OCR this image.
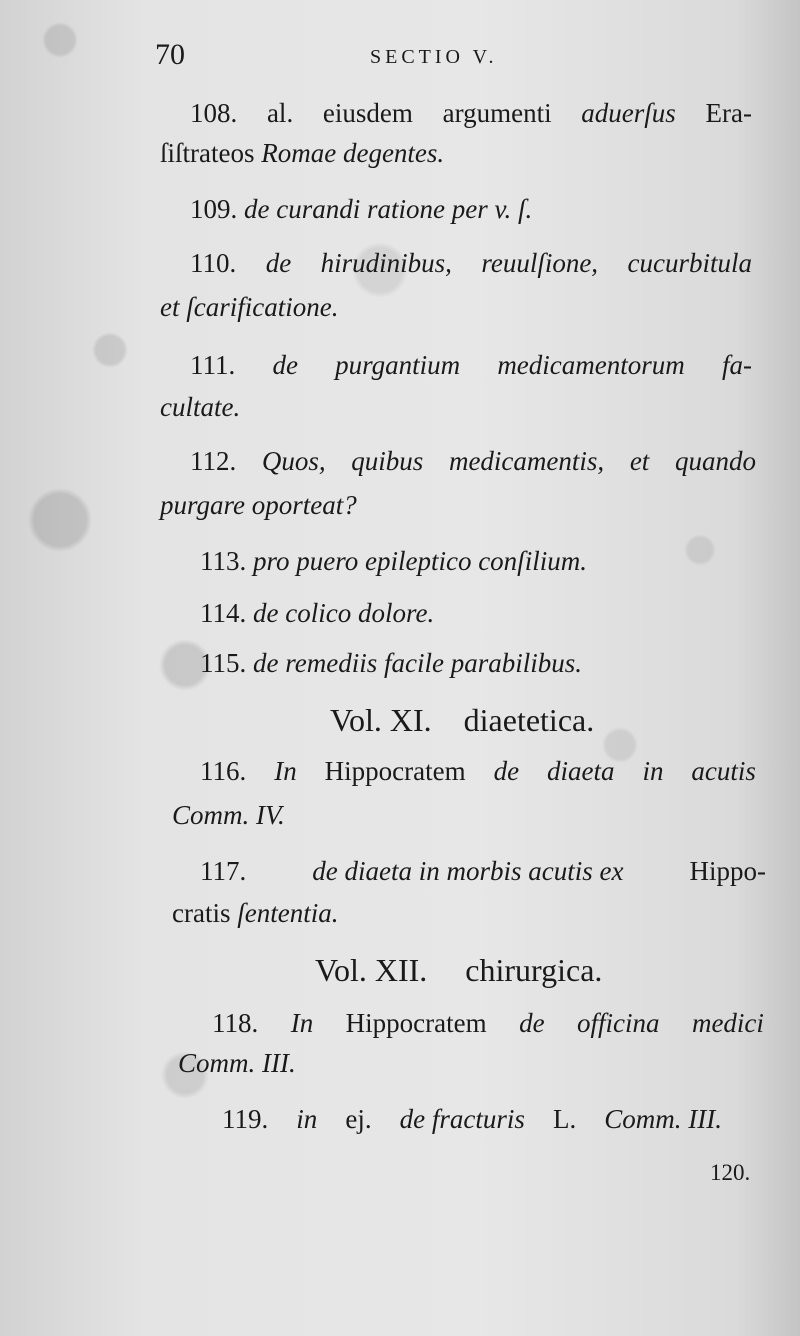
70	SECTIO V.
108. al. eiusdem argumenti aduerſus Era-
ſiſtrateos Romae degentes.
109. de curandi ratione per v. ſ.
110. de hirudinibus, reuulſione, cucurbitula
et ſcarificatione.
111. de purgantium medicamentorum fa-
cultate.
112. Quos, quibus medicamentis, et quando
purgare oporteat?
113. pro puero epileptico conſilium.
114. de colico dolore.
115. de remediis facile parabilibus.
Vol. XI. diaetetica.
116. In Hippocratem de diaeta in acutis
Comm. IV.
117. de diaeta in morbis acutis ex Hippo-
cratis ſententia.
Vol. XII. chirurgica.
118. In Hippocratem de officina medici
Comm. III.
119. in ej. de fracturis L. Comm. III.
120.
